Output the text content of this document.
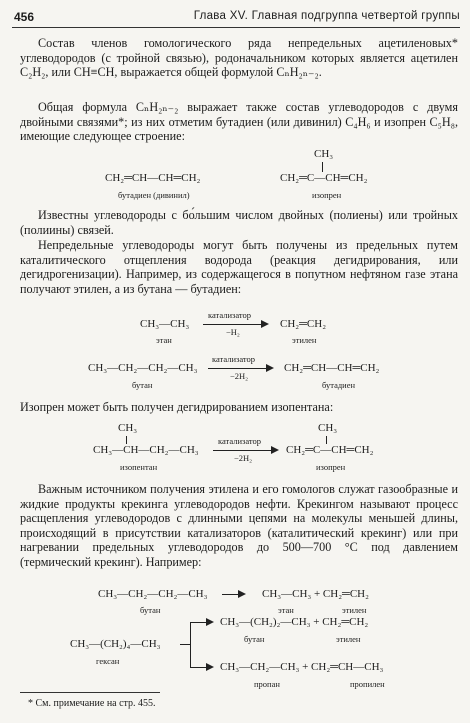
456	Глава XV. Главная подгруппа четвертой группы
Состав членов гомологического ряда непредельных ацетиленовых* углеводородов (с тройной связью), родоначальником которых является ацетилен C₂H₂, или CH≡CH, выражается общей формулой CₙH₂ₙ₋₂.
Общая формула CₙH₂ₙ₋₂ выражает также состав углеводородов с двумя двойными связями*; из них отметим бутадиен (или дивинил) C₄H₆ и изопрен C₅H₈, имеющие следующее строение:
CH₂═CH—CH═CH₂
бутадиен (дивинил)
CH₃
CH₂═C—CH═CH₂
изопрен
Известны углеводороды с бо́льшим числом двойных (полиены) или тройных (полиины) связей.
Непредельные углеводороды могут быть получены из предельных путем каталитического отщепления водорода (реакция дегидрирования, или дегидрогенизации). Например, из содержащегося в попутном нефтяном газе этана получают этилен, а из бутана — бутадиен:
CH₃—CH₃
этан
катализатор
−H₂
CH₂═CH₂
этилен
CH₃—CH₂—CH₂—CH₃
бутан
катализатор
−2H₂
CH₂═CH—CH═CH₂
бутадиен
Изопрен может быть получен дегидрированием изопентана:
CH₃
CH₃—CH—CH₂—CH₃
изопентан
катализатор
−2H₂
CH₃
CH₂═C—CH═CH₂
изопрен
Важным источником получения этилена и его гомологов служат газообразные и жидкие продукты крекинга углеводородов нефти. Крекингом называют процесс расщепления углеводородов с длинными цепями на молекулы меньшей длины, происходящий в присутствии катализаторов (каталитический крекинг) или при нагревании предельных углеводородов до 500—700 °C под давлением (термический крекинг). Например:
CH₃—CH₂—CH₂—CH₃
бутан
CH₃—CH₃ + CH₂═CH₂
этан	этилен
CH₃—(CH₂)₄—CH₃
гексан
CH₃—(CH₂)₂—CH₃ + CH₂═CH₂
бутан	этилен
CH₃—CH₂—CH₃ + CH₂═CH—CH₃
пропан	пропилен
* См. примечание на стр. 455.
